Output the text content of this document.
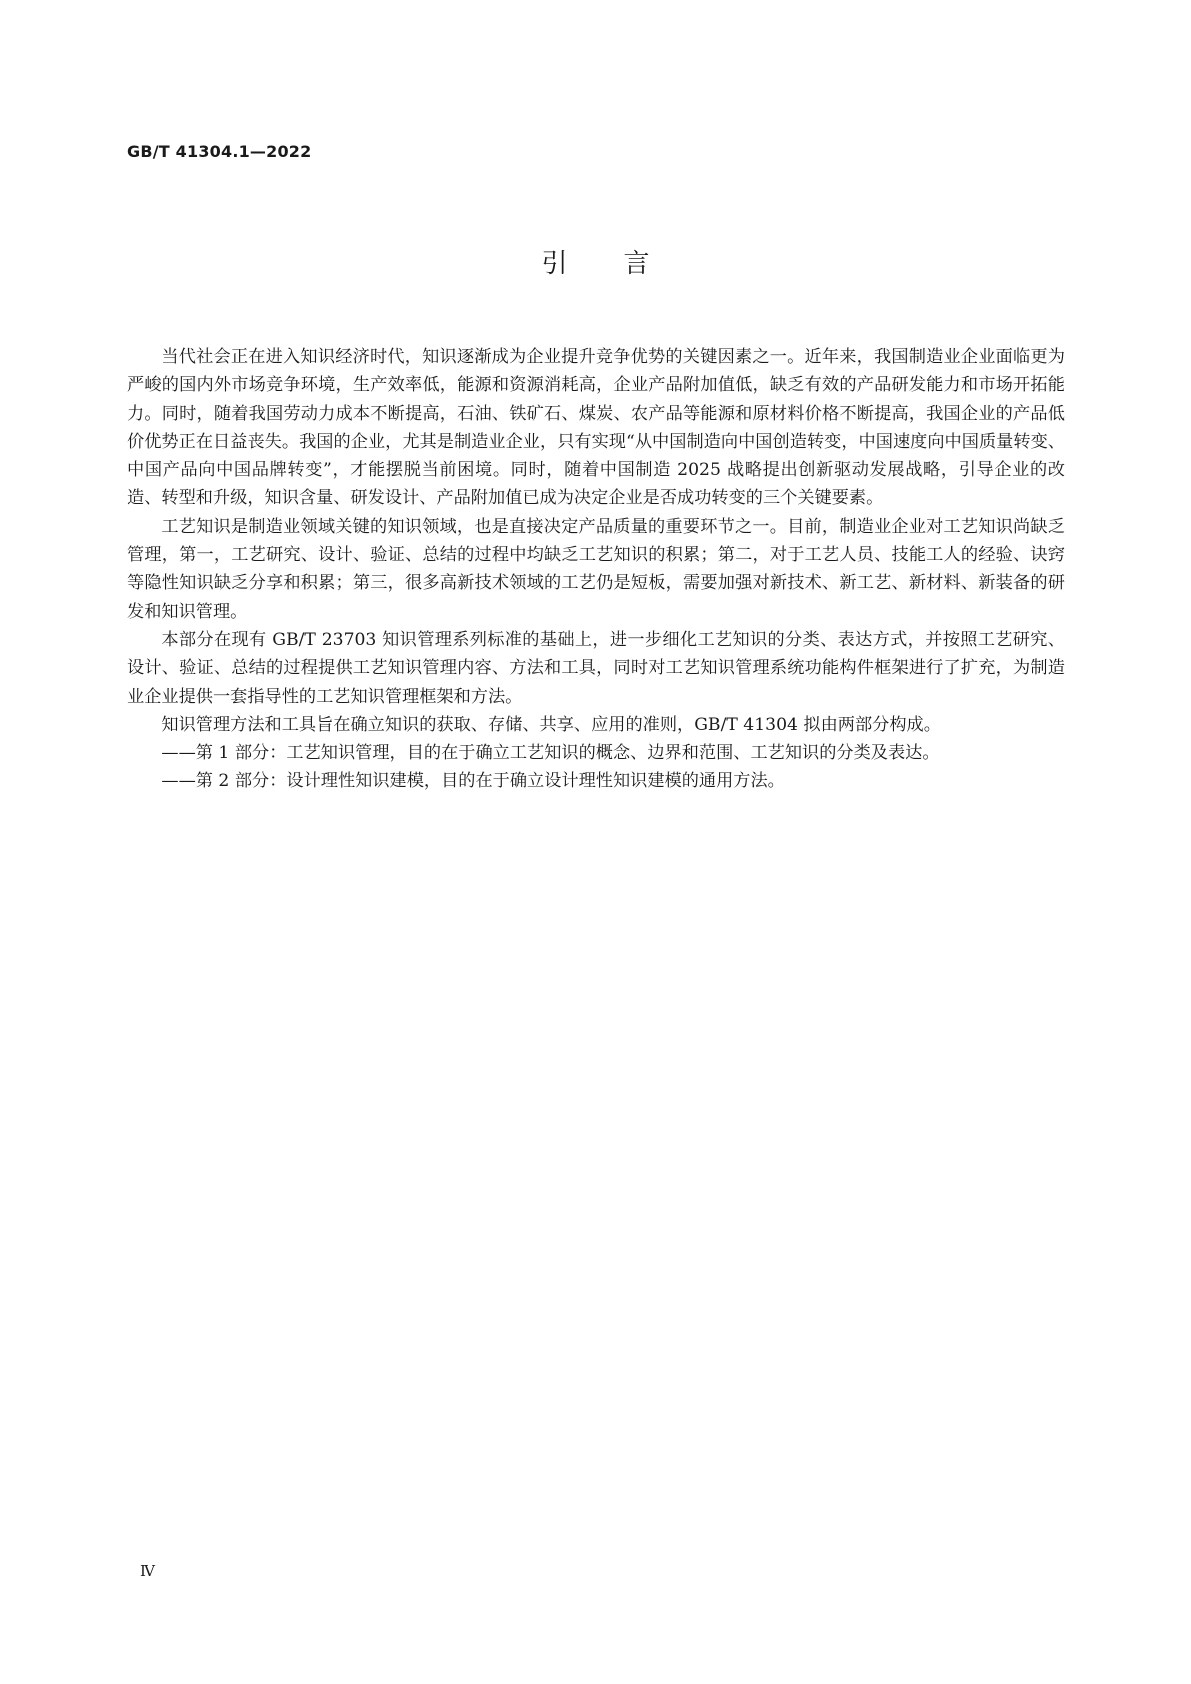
GB/T 41304.1—2022
引言

当代社会正在进入知识经济时代，知识逐渐成为企业提升竞争优势的关键因素之一。近年来，我国制造业企业面临更为严峻的国内外市场竞争环境，生产效率低，能源和资源消耗高，企业产品附加值低，缺乏有效的产品研发能力和市场开拓能力。同时，随着我国劳动力成本不断提高，石油、铁矿石、煤炭、农产品等能源和原材料价格不断提高，我国企业的产品低价优势正在日益丧失。我国的企业，尤其是制造业企业，只有实现“从中国制造向中国创造转变，中国速度向中国质量转变、中国产品向中国品牌转变”，才能摆脱当前困境。同时，随着中国制造 2025 战略提出创新驱动发展战略，引导企业的改造、转型和升级，知识含量、研发设计、产品附加值已成为决定企业是否成功转变的三个关键要素。

工艺知识是制造业领域关键的知识领域，也是直接决定产品质量的重要环节之一。目前，制造业企业对工艺知识尚缺乏管理，第一，工艺研究、设计、验证、总结的过程中均缺乏工艺知识的积累；第二，对于工艺人员、技能工人的经验、诀窍等隐性知识缺乏分享和积累；第三，很多高新技术领域的工艺仍是短板，需要加强对新技术、新工艺、新材料、新装备的研发和知识管理。

本部分在现有 GB/T 23703 知识管理系列标准的基础上，进一步细化工艺知识的分类、表达方式，并按照工艺研究、设计、验证、总结的过程提供工艺知识管理内容、方法和工具，同时对工艺知识管理系统功能构件框架进行了扩充，为制造业企业提供一套指导性的工艺知识管理框架和方法。

知识管理方法和工具旨在确立知识的获取、存储、共享、应用的准则，GB/T 41304 拟由两部分构成。

——第 1 部分：工艺知识管理，目的在于确立工艺知识的概念、边界和范围、工艺知识的分类及表达。

——第 2 部分：设计理性知识建模，目的在于确立设计理性知识建模的通用方法。

Ⅳ
